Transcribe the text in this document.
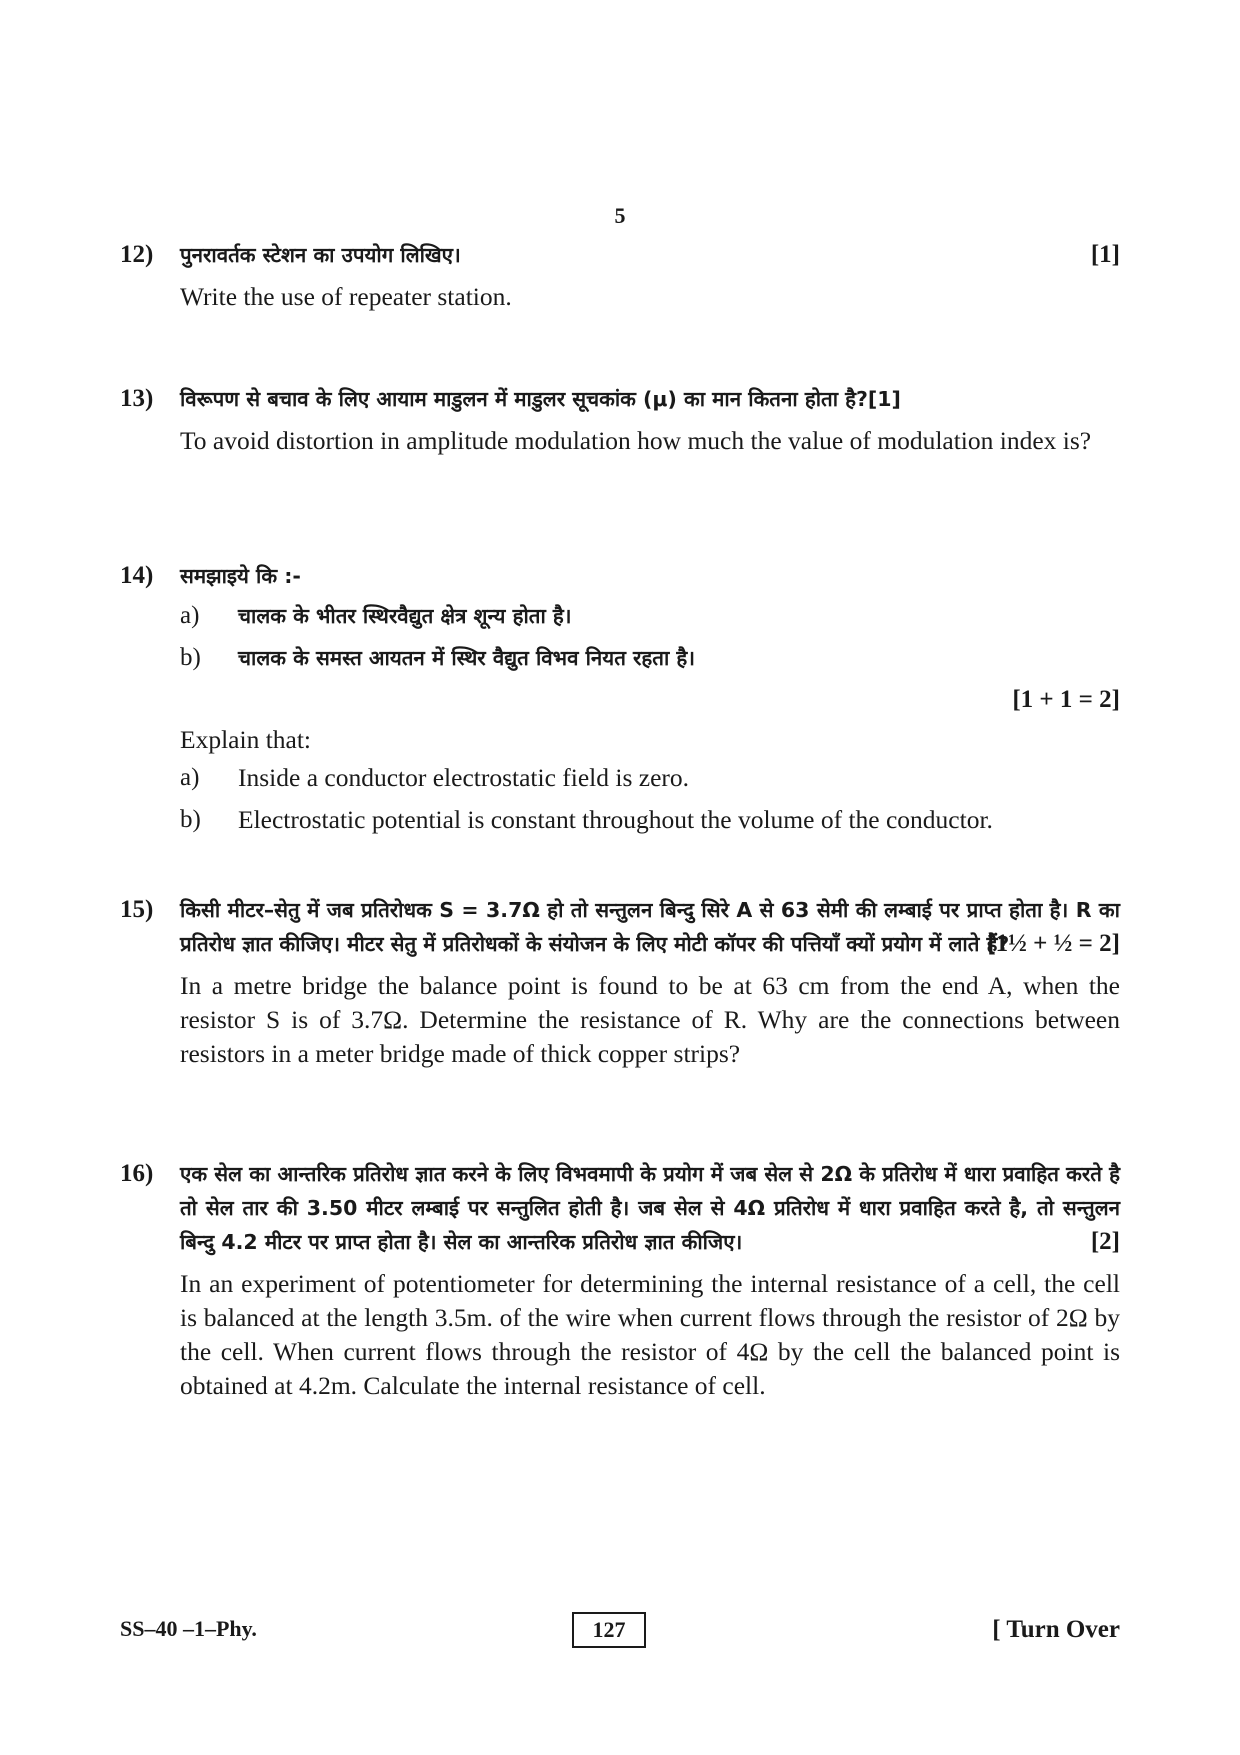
5
12) पुनरावर्तक स्टेशन का उपयोग लिखिए।	[1]
Write the use of repeater station.
13) विरूपण से बचाव के लिए आयाम माडुलन में माडुलर सूचकांक (μ) का मान कितना होता है?[1]
To avoid distortion in amplitude modulation how much the value of modulation index is?
14) समझाइये कि :-
a)	चालक के भीतर स्थिरवैद्युत क्षेत्र शून्य होता है।
b)	चालक के समस्त आयतन में स्थिर वैद्युत विभव नियत रहता है।
[1 + 1 = 2]
Explain that:
a)	Inside a conductor electrostatic field is zero.
b)	Electrostatic potential is constant throughout the volume of the conductor.
15) किसी मीटर–सेतु में जब प्रतिरोधक S = 3.7Ω हो तो सन्तुलन बिन्दु सिरे A से 63 सेमी की लम्बाई पर प्राप्त होता है। R का प्रतिरोध ज्ञात कीजिए। मीटर सेतु में प्रतिरोधकों के संयोजन के लिए मोटी कॉपर की पत्तियाँ क्यों प्रयोग में लाते हैं?
[1½ + ½ = 2]
In a metre bridge the balance point is found to be at 63 cm from the end A, when the resistor S is of 3.7Ω. Determine the resistance of R. Why are the connections between resistors in a meter bridge made of thick copper strips?
16) एक सेल का आन्तरिक प्रतिरोध ज्ञात करने के लिए विभवमापी के प्रयोग में जब सेल से 2Ω के प्रतिरोध में धारा प्रवाहित करते है तो सेल तार की 3.50 मीटर लम्बाई पर सन्तुलित होती है। जब सेल से 4Ω प्रतिरोध में धारा प्रवाहित करते है, तो सन्तुलन बिन्दु 4.2 मीटर पर प्राप्त होता है। सेल का आन्तरिक प्रतिरोध ज्ञात कीजिए।	[2]
In an experiment of potentiometer for determining the internal resistance of a cell, the cell is balanced at the length 3.5m. of the wire when current flows through the resistor of 2Ω by the cell. When current flows through the resistor of 4Ω by the cell the balanced point is obtained at 4.2m. Calculate the internal resistance of cell.
SS–40 –1–Phy.	127	[ Turn Over
